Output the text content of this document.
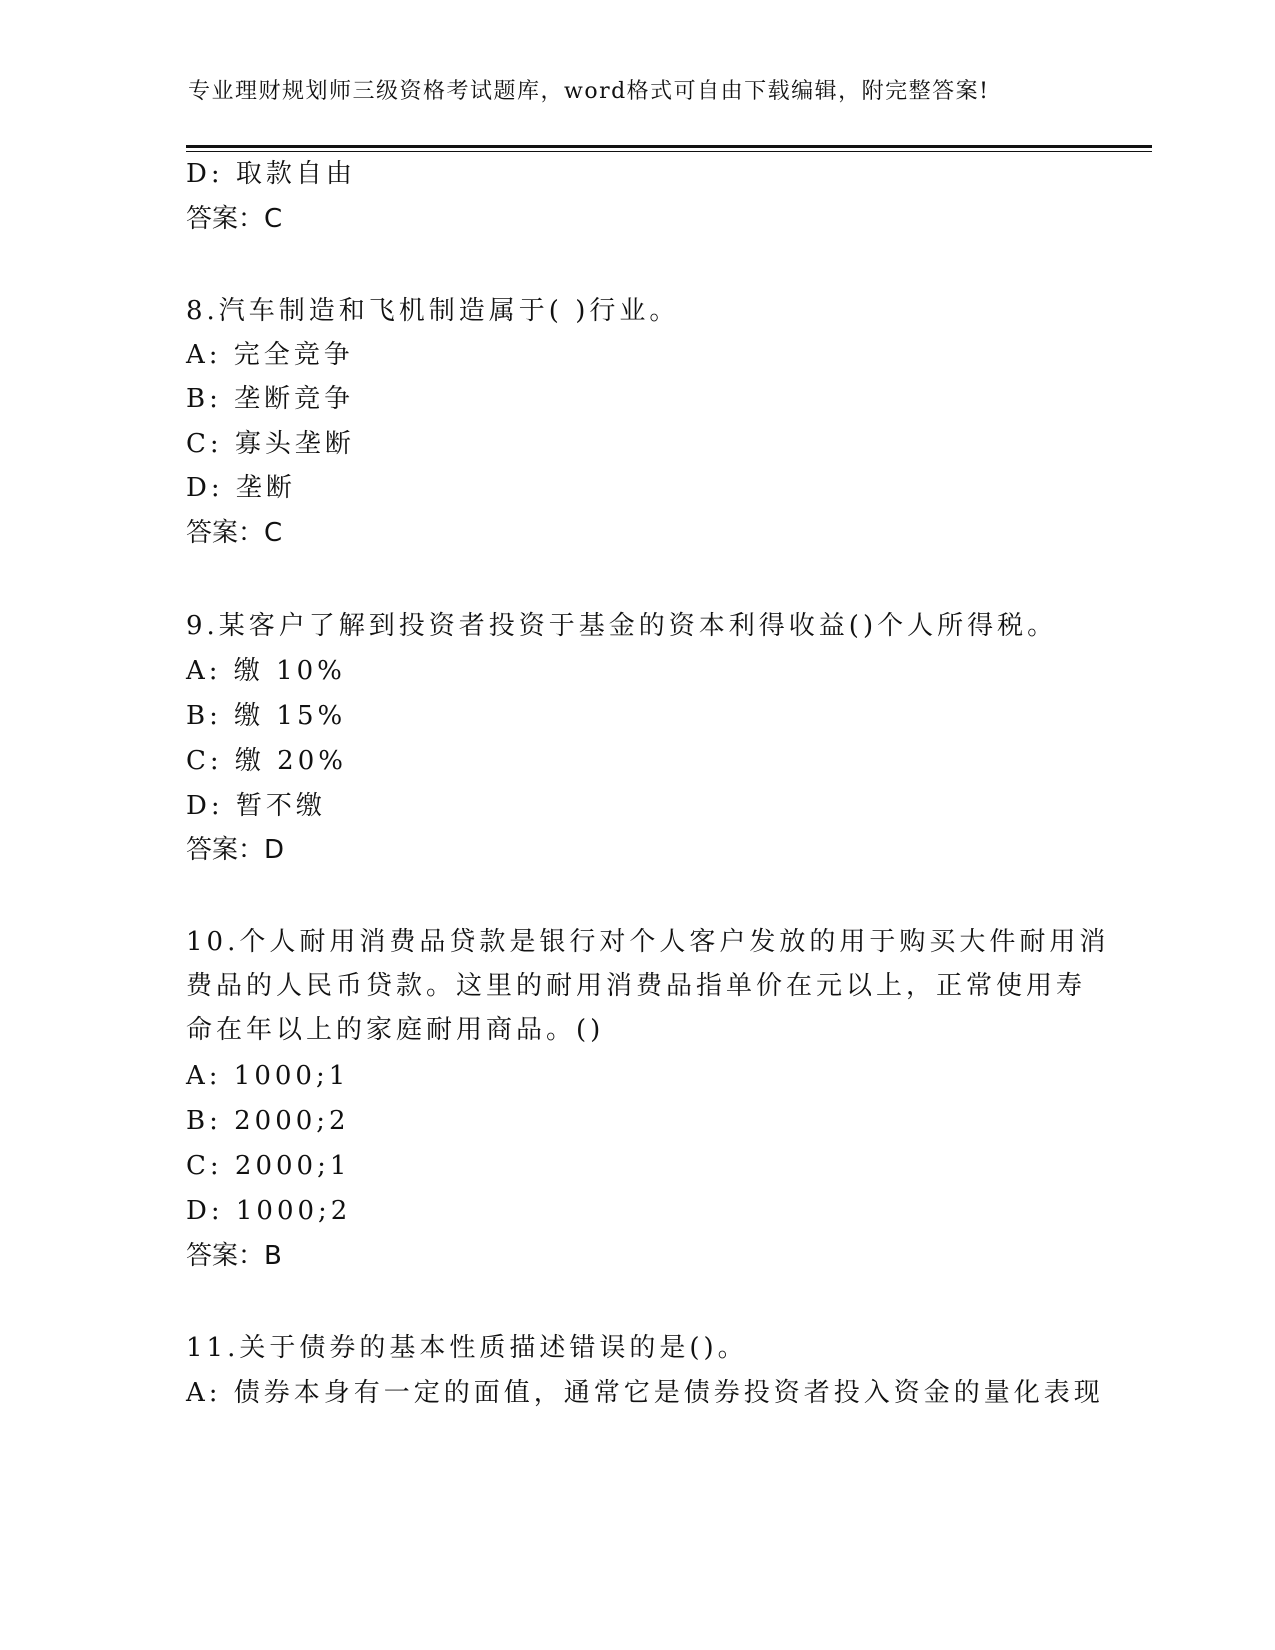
专业理财规划师三级资格考试题库，word格式可自由下载编辑，附完整答案!
D: 取款自由
答案：C
8.汽车制造和飞机制造属于( )行业。
A: 完全竞争
B: 垄断竞争
C: 寡头垄断
D: 垄断
答案：C
9.某客户了解到投资者投资于基金的资本利得收益()个人所得税。
A: 缴 10%
B: 缴 15%
C: 缴 20%
D: 暂不缴
答案：D
10.个人耐用消费品贷款是银行对个人客户发放的用于购买大件耐用消
费品的人民币贷款。这里的耐用消费品指单价在元以上，正常使用寿
命在年以上的家庭耐用商品。()
A: 1000;1
B: 2000;2
C: 2000;1
D: 1000;2
答案：B
11.关于债券的基本性质描述错误的是()。
A: 债券本身有一定的面值，通常它是债券投资者投入资金的量化表现
